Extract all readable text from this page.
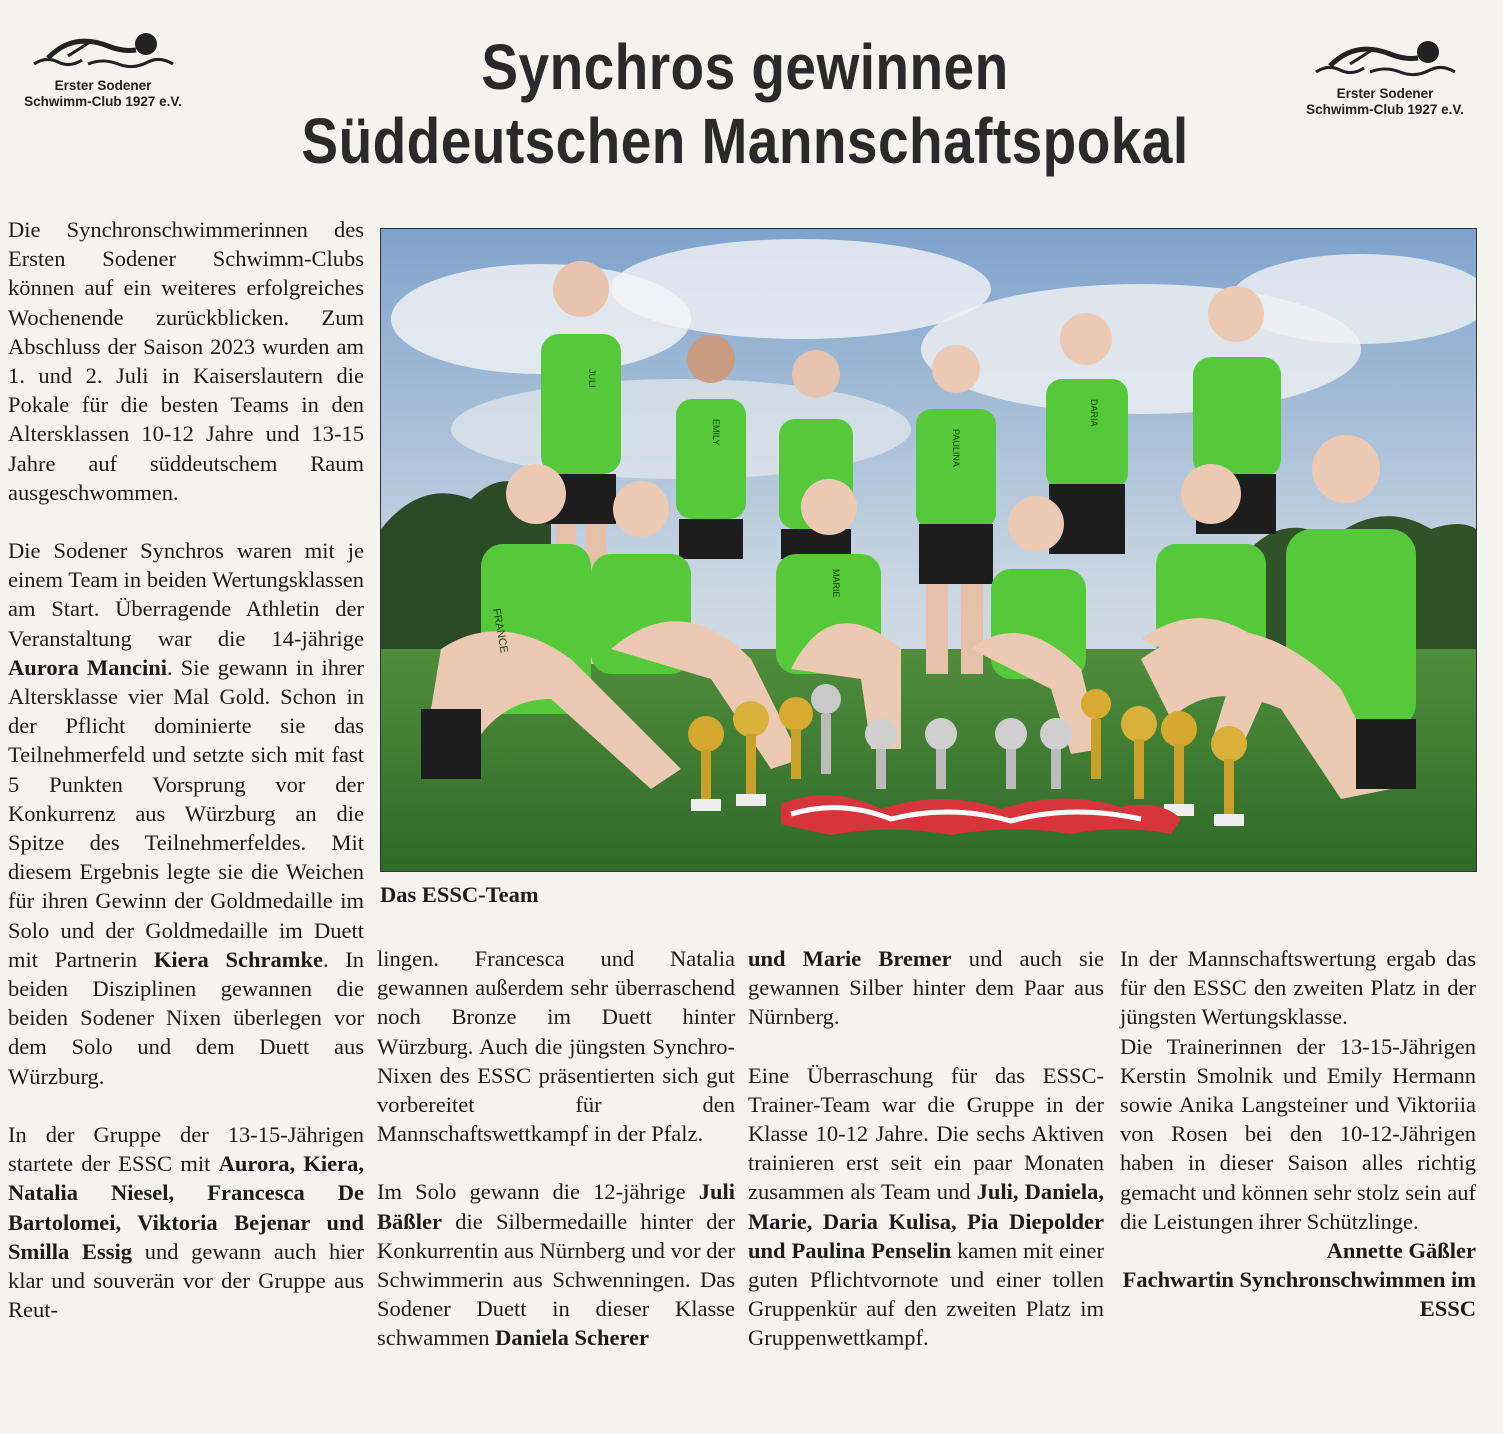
Erster Sodener
Schwimm-Club 1927 e.V.
Erster Sodener
Schwimm-Club 1927 e.V.
Synchros gewinnen
Süddeutschen Mannschaftspokal
FRANCE
JULI
EMILY
MARIE
PAULINA
DARIA
Das ESSC-Team

Die Synchronschwimmerinnen des Ersten Sodener Schwimm-Clubs können auf ein weiteres erfolgreiches Wochenende zurückblicken. Zum Abschluss der Saison 2023 wurden am 1. und 2. Juli in Kaiserslautern die Pokale für die besten Teams in den Altersklassen 10-12 Jahre und 13-15 Jahre auf süddeutschem Raum ausgeschwommen.

Die Sodener Synchros waren mit je einem Team in beiden Wertungsklassen am Start. Überragende Athletin der Veranstaltung war die 14-jährige Aurora Mancini. Sie gewann in ihrer Altersklasse vier Mal Gold. Schon in der Pflicht dominierte sie das Teilnehmerfeld und setzte sich mit fast 5 Punkten Vorsprung vor der Konkurrenz aus Würzburg an die Spitze des Teilnehmerfeldes. Mit diesem Ergebnis legte sie die Weichen für ihren Gewinn der Goldmedaille im Solo und der Goldmedaille im Duett mit Partnerin Kiera Schramke. In beiden Disziplinen gewannen die beiden Sodener Nixen überlegen vor dem Solo und dem Duett aus Würzburg.

In der Gruppe der 13-15-Jährigen startete der ESSC mit Aurora, Kiera, Natalia Niesel, Francesca De Bartolomei, Viktoria Bejenar und Smilla Essig und gewann auch hier klar und souverän vor der Gruppe aus Reut-

lingen. Francesca und Natalia gewannen außerdem sehr überraschend noch Bronze im Duett hinter Würzburg. Auch die jüngsten Synchro-Nixen des ESSC präsentierten sich gut vorbereitet für den Mannschaftswettkampf in der Pfalz.

Im Solo gewann die 12-jährige Juli Bäßler die Silbermedaille hinter der Konkurrentin aus Nürnberg und vor der Schwimmerin aus Schwenningen. Das Sodener Duett in dieser Klasse schwammen Daniela Scherer

und Marie Bremer und auch sie gewannen Silber hinter dem Paar aus Nürnberg.

Eine Überraschung für das ESSC-Trainer-Team war die Gruppe in der Klasse 10-12 Jahre. Die sechs Aktiven trainieren erst seit ein paar Monaten zusammen als Team und Juli, Daniela, Marie, Daria Kulisa, Pia Diepolder und Paulina Penselin kamen mit einer guten Pflichtvornote und einer tollen Gruppenkür auf den zweiten Platz im Gruppenwettkampf.

In der Mannschaftswertung ergab das für den ESSC den zweiten Platz in der jüngsten Wertungsklasse.

Die Trainerinnen der 13-15-Jährigen Kerstin Smolnik und Emily Hermann sowie Anika Langsteiner und Viktoriia von Rosen bei den 10-12-Jährigen haben in dieser Saison alles richtig gemacht und können sehr stolz sein auf die Leistungen ihrer Schützlinge.

Annette Gäßler

Fachwartin Synchronschwimmen im ESSC
